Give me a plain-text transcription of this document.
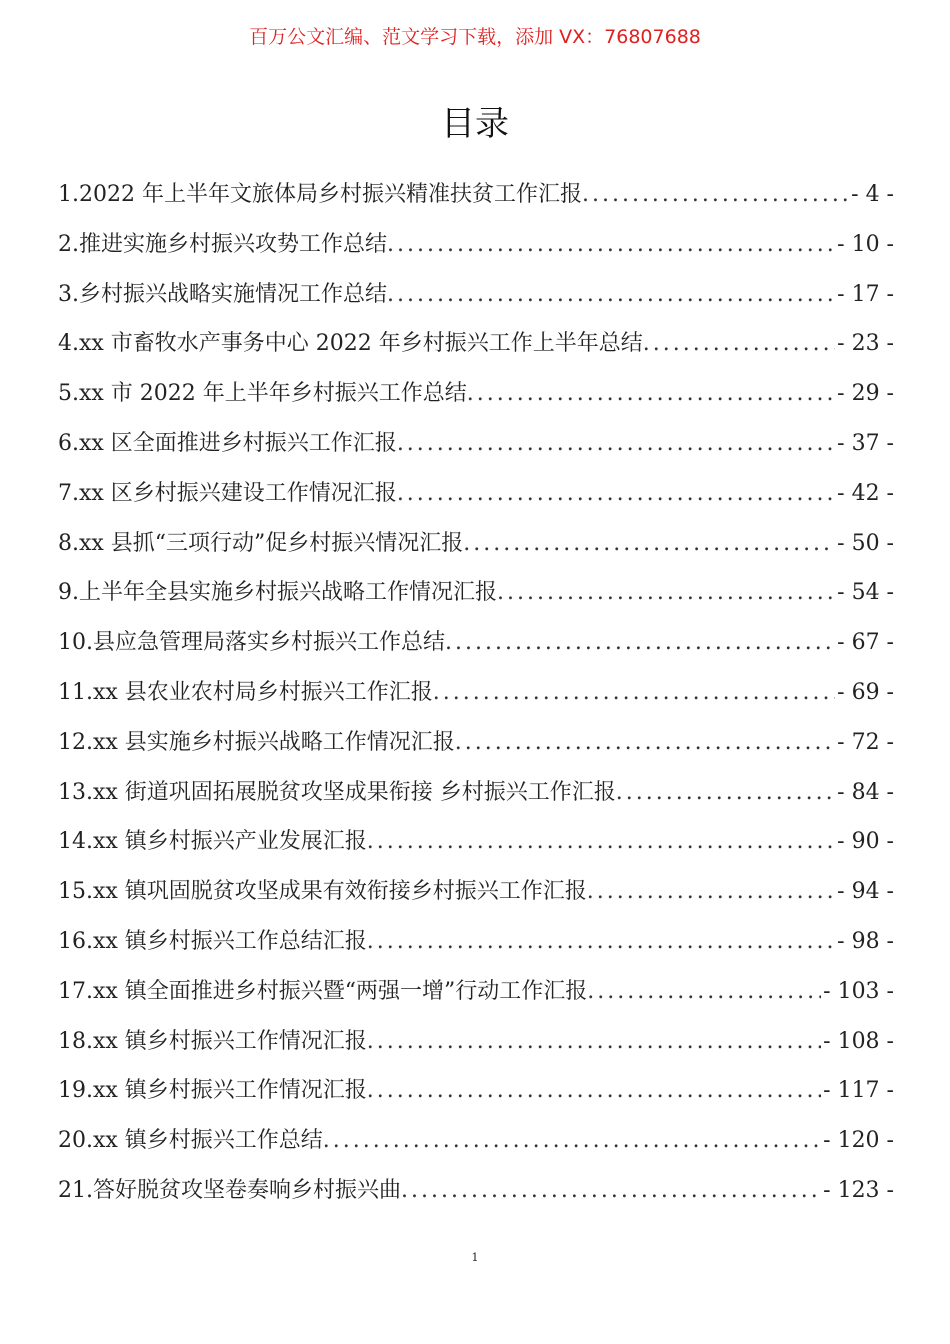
百万公文汇编、范文学习下载，添加 VX：76807688
目录
1.2022 年上半年文旅体局乡村振兴精准扶贫工作汇报 .....	- 4 -
2.推进实施乡村振兴攻势工作总结 .....	- 10 -
3.乡村振兴战略实施情况工作总结 .....	- 17 -
4.xx 市畜牧水产事务中心 2022 年乡村振兴工作上半年总结 .....	- 23 -
5.xx 市 2022 年上半年乡村振兴工作总结 .....	- 29 -
6.xx 区全面推进乡村振兴工作汇报 .....	- 37 -
7.xx 区乡村振兴建设工作情况汇报 .....	- 42 -
8.xx 县抓“三项行动”促乡村振兴情况汇报 .....	- 50 -
9.上半年全县实施乡村振兴战略工作情况汇报 .....	- 54 -
10.县应急管理局落实乡村振兴工作总结 .....	- 67 -
11.xx 县农业农村局乡村振兴工作汇报 .....	- 69 -
12.xx 县实施乡村振兴战略工作情况汇报 .....	- 72 -
13.xx 街道巩固拓展脱贫攻坚成果衔接 乡村振兴工作汇报 .....	- 84 -
14.xx 镇乡村振兴产业发展汇报 .....	- 90 -
15.xx 镇巩固脱贫攻坚成果有效衔接乡村振兴工作汇报 .....	- 94 -
16.xx 镇乡村振兴工作总结汇报 .....	- 98 -
17.xx 镇全面推进乡村振兴暨“两强一增”行动工作汇报 .....	- 103 -
18.xx 镇乡村振兴工作情况汇报 .....	- 108 -
19.xx 镇乡村振兴工作情况汇报 .....	- 117 -
20.xx 镇乡村振兴工作总结 .....	- 120 -
21.答好脱贫攻坚卷奏响乡村振兴曲 .....	- 123 -
1
